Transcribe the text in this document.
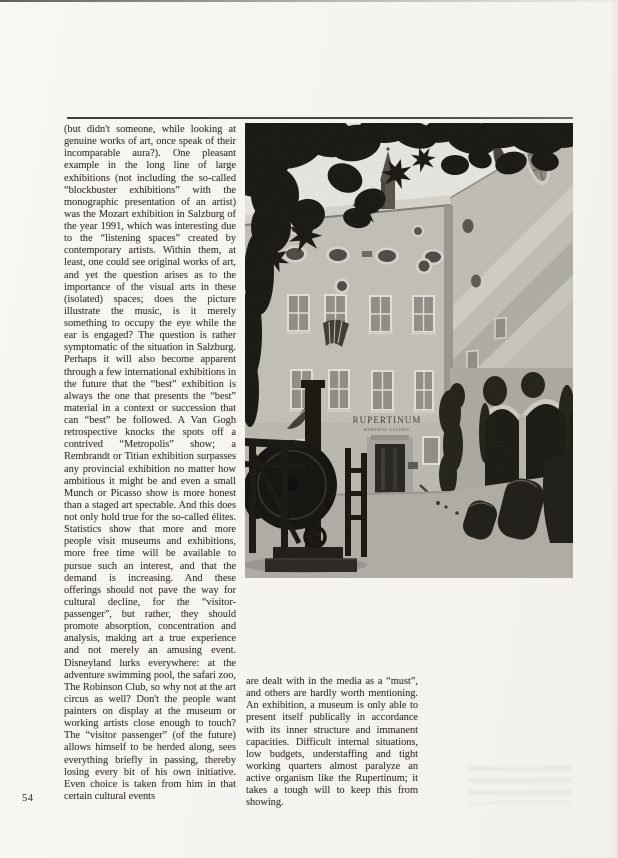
(but didn't someone, while looking at genuine works of art, once speak of their incomparable aura?). One pleasant example in the long line of large exhibitions (not including the so-called “blockbuster exhibitions” with the monographic presentation of an artist) was the Mozart exhibition in Salzburg of the year 1991, which was interesting due to the “listening spaces” created by contemporary artists. Within them, at least, one could see original works of art, and yet the question arises as to the importance of the visual arts in these (isolated) spaces; does the picture illustrate the music, is it merely something to occupy the eye while the ear is engaged? The question is rather symptomatic of the situation in Salzburg. Perhaps it will also become apparent through a few international exhibitions in the future that the “best” exhibition is always the one that presents the “best” material in a context or succession that can “best” be followed. A Van Gogh retrospective knocks the spots off a contrived “Metropolis” show; a Rembrandt or Titian exhibition surpasses any provincial exhibition no matter how ambitious it might be and even a small Munch or Picasso show is more honest than a staged art spectable. And this does not only hold true for the so-called élites. Statistics show that more and more people visit museums and exhibitions, more free time will be available to pursue such an interest, and that the demand is increasing. And these offerings should not pave the way for cultural decline, for the “visitor-passenger”, but rather, they should promote absorption, concentration and analysis, making art a true experience and not merely an amusing event. Disneyland lurks everywhere: at the adventure swimming pool, the safari zoo, The Robinson Club, so why not at the art circus as well? Don't the people want painters on display at the museum or working artists close enough to touch? The “visitor passenger” (of the future) allows himself to be herded along, sees everything briefly in passing, thereby losing every bit of his own initiative. Even choice is taken from him in that certain cultural events
are dealt with in the media as a “must”, and others are hardly worth mentioning. An exhibition, a museum is only able to present itself publically in accordance with its inner structure and immanent capacities. Difficult internal situations, low budgets, understaffing and tight working quarters almost paralyze an active organism like the Rupertinum; it takes a tough will to keep this from showing.
54
RUPERTINUM
MODERNE GALERIE
